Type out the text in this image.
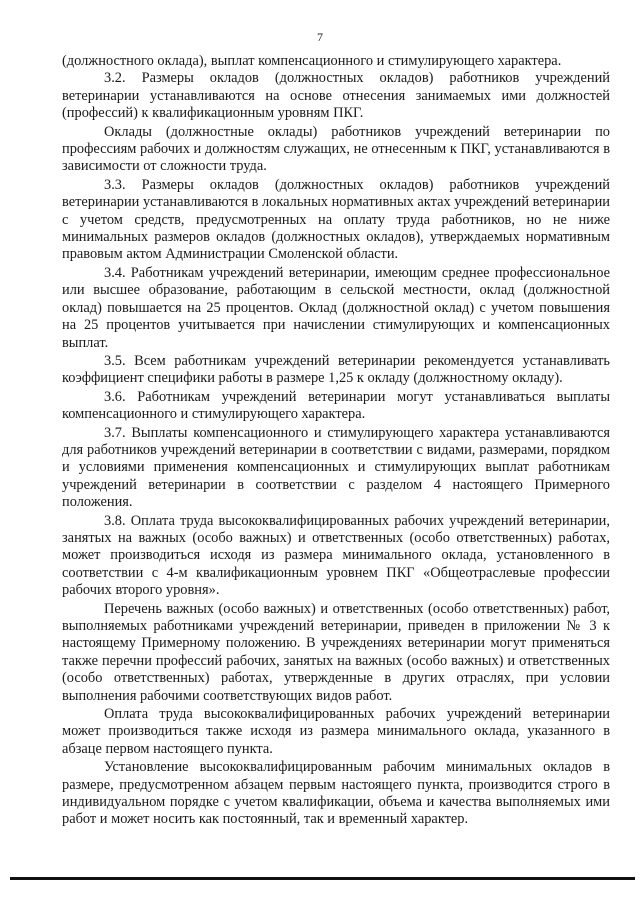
7

(должностного оклада), выплат компенсационного и стимулирующего характера.

3.2. Размеры окладов (должностных окладов) работников учреждений ветеринарии устанавливаются на основе отнесения занимаемых ими должностей (профессий) к квалификационным уровням ПКГ.

Оклады (должностные оклады) работников учреждений ветеринарии по профессиям рабочих и должностям служащих, не отнесенным к ПКГ, устанавливаются в зависимости от сложности труда.

3.3. Размеры окладов (должностных окладов) работников учреждений ветеринарии устанавливаются в локальных нормативных актах учреждений ветеринарии с учетом средств, предусмотренных на оплату труда работников, но не ниже минимальных размеров окладов (должностных окладов), утверждаемых нормативным правовым актом Администрации Смоленской области.

3.4. Работникам учреждений ветеринарии, имеющим среднее профессиональное или высшее образование, работающим в сельской местности, оклад (должностной оклад) повышается на 25 процентов. Оклад (должностной оклад) с учетом повышения на 25 процентов учитывается при начислении стимулирующих и компенсационных выплат.

3.5. Всем работникам учреждений ветеринарии рекомендуется устанавливать коэффициент специфики работы в размере 1,25 к окладу (должностному окладу).

3.6. Работникам учреждений ветеринарии могут устанавливаться выплаты компенсационного и стимулирующего характера.

3.7. Выплаты компенсационного и стимулирующего характера устанавливаются для работников учреждений ветеринарии в соответствии с видами, размерами, порядком и условиями применения компенсационных и стимулирующих выплат работникам учреждений ветеринарии в соответствии с разделом 4 настоящего Примерного положения.

3.8. Оплата труда высококвалифицированных рабочих учреждений ветеринарии, занятых на важных (особо важных) и ответственных (особо ответственных) работах, может производиться исходя из размера минимального оклада, установленного в соответствии с 4-м квалификационным уровнем ПКГ «Общеотраслевые профессии рабочих второго уровня».

Перечень важных (особо важных) и ответственных (особо ответственных) работ, выполняемых работниками учреждений ветеринарии, приведен в приложении № 3 к настоящему Примерному положению. В учреждениях ветеринарии могут применяться также перечни профессий рабочих, занятых на важных (особо важных) и ответственных (особо ответственных) работах, утвержденные в других отраслях, при условии выполнения рабочими соответствующих видов работ.

Оплата труда высококвалифицированных рабочих учреждений ветеринарии может производиться также исходя из размера минимального оклада, указанного в абзаце первом настоящего пункта.

Установление высококвалифицированным рабочим минимальных окладов в размере, предусмотренном абзацем первым настоящего пункта, производится строго в индивидуальном порядке с учетом квалификации, объема и качества выполняемых ими работ и может носить как постоянный, так и временный характер.
